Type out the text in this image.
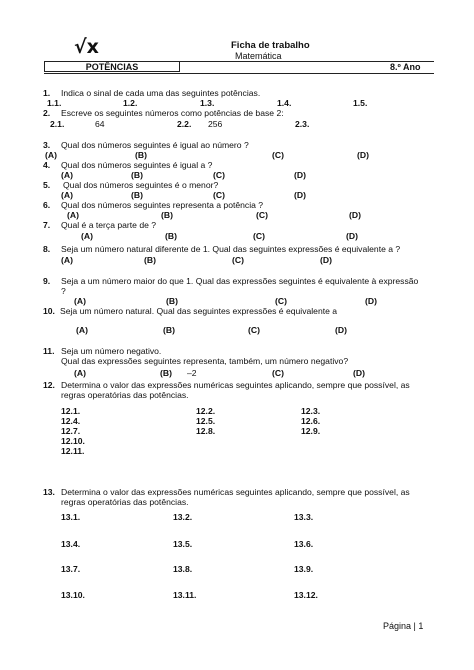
√x	Ficha de trabalho
Matemática
POTÊNCIAS	8.º Ano
1. Indica o sinal de cada uma das seguintes potências.
1.1.	1.2.	1.3.	1.4.	1.5.
2. Escreve os seguintes números como potências de base 2:
2.1.	64	2.2. 256	2.3.
3. Qual dos números seguintes é igual ao número ?
(A)	(B)	(C)	(D)
4. Qual dos números seguintes é igual a ?
(A)	(B)	(C)	(D)
5. Qual dos números seguintes é o menor?
(A)	(B)	(C)	(D)
6. Qual dos números seguintes representa a potência ?
(A)	(B)	(C)	(D)
7. Qual é a terça parte de ?
(A)	(B)	(C)	(D)
8. Seja um número natural diferente de 1. Qual das seguintes expressões é equivalente a ?
(A)	(B)	(C)	(D)
9. Seja a um número maior do que 1. Qual das expressões seguintes é equivalente à expressão
?
(A)	(B)	(C)	(D)
10. Seja um número natural. Qual das seguintes expressões é equivalente a
(A)	(B)	(C)	(D)
11. Seja um número negativo.
Qual das expressões seguintes representa, também, um número negativo?
(A)	(B) –2	(C)	(D)
12. Determina o valor das expressões numéricas seguintes aplicando, sempre que possível, as
regras operatórias das potências.
12.1.	12.2.	12.3.
12.4.	12.5.	12.6.
12.7.	12.8.	12.9.
12.10.
12.11.
13. Determina o valor das expressões numéricas seguintes aplicando, sempre que possível, as
regras operatórias das potências.
13.1.	13.2.	13.3.
13.4.	13.5.	13.6.
13.7.	13.8.	13.9.
13.10.	13.11.	13.12.
Página | 1
